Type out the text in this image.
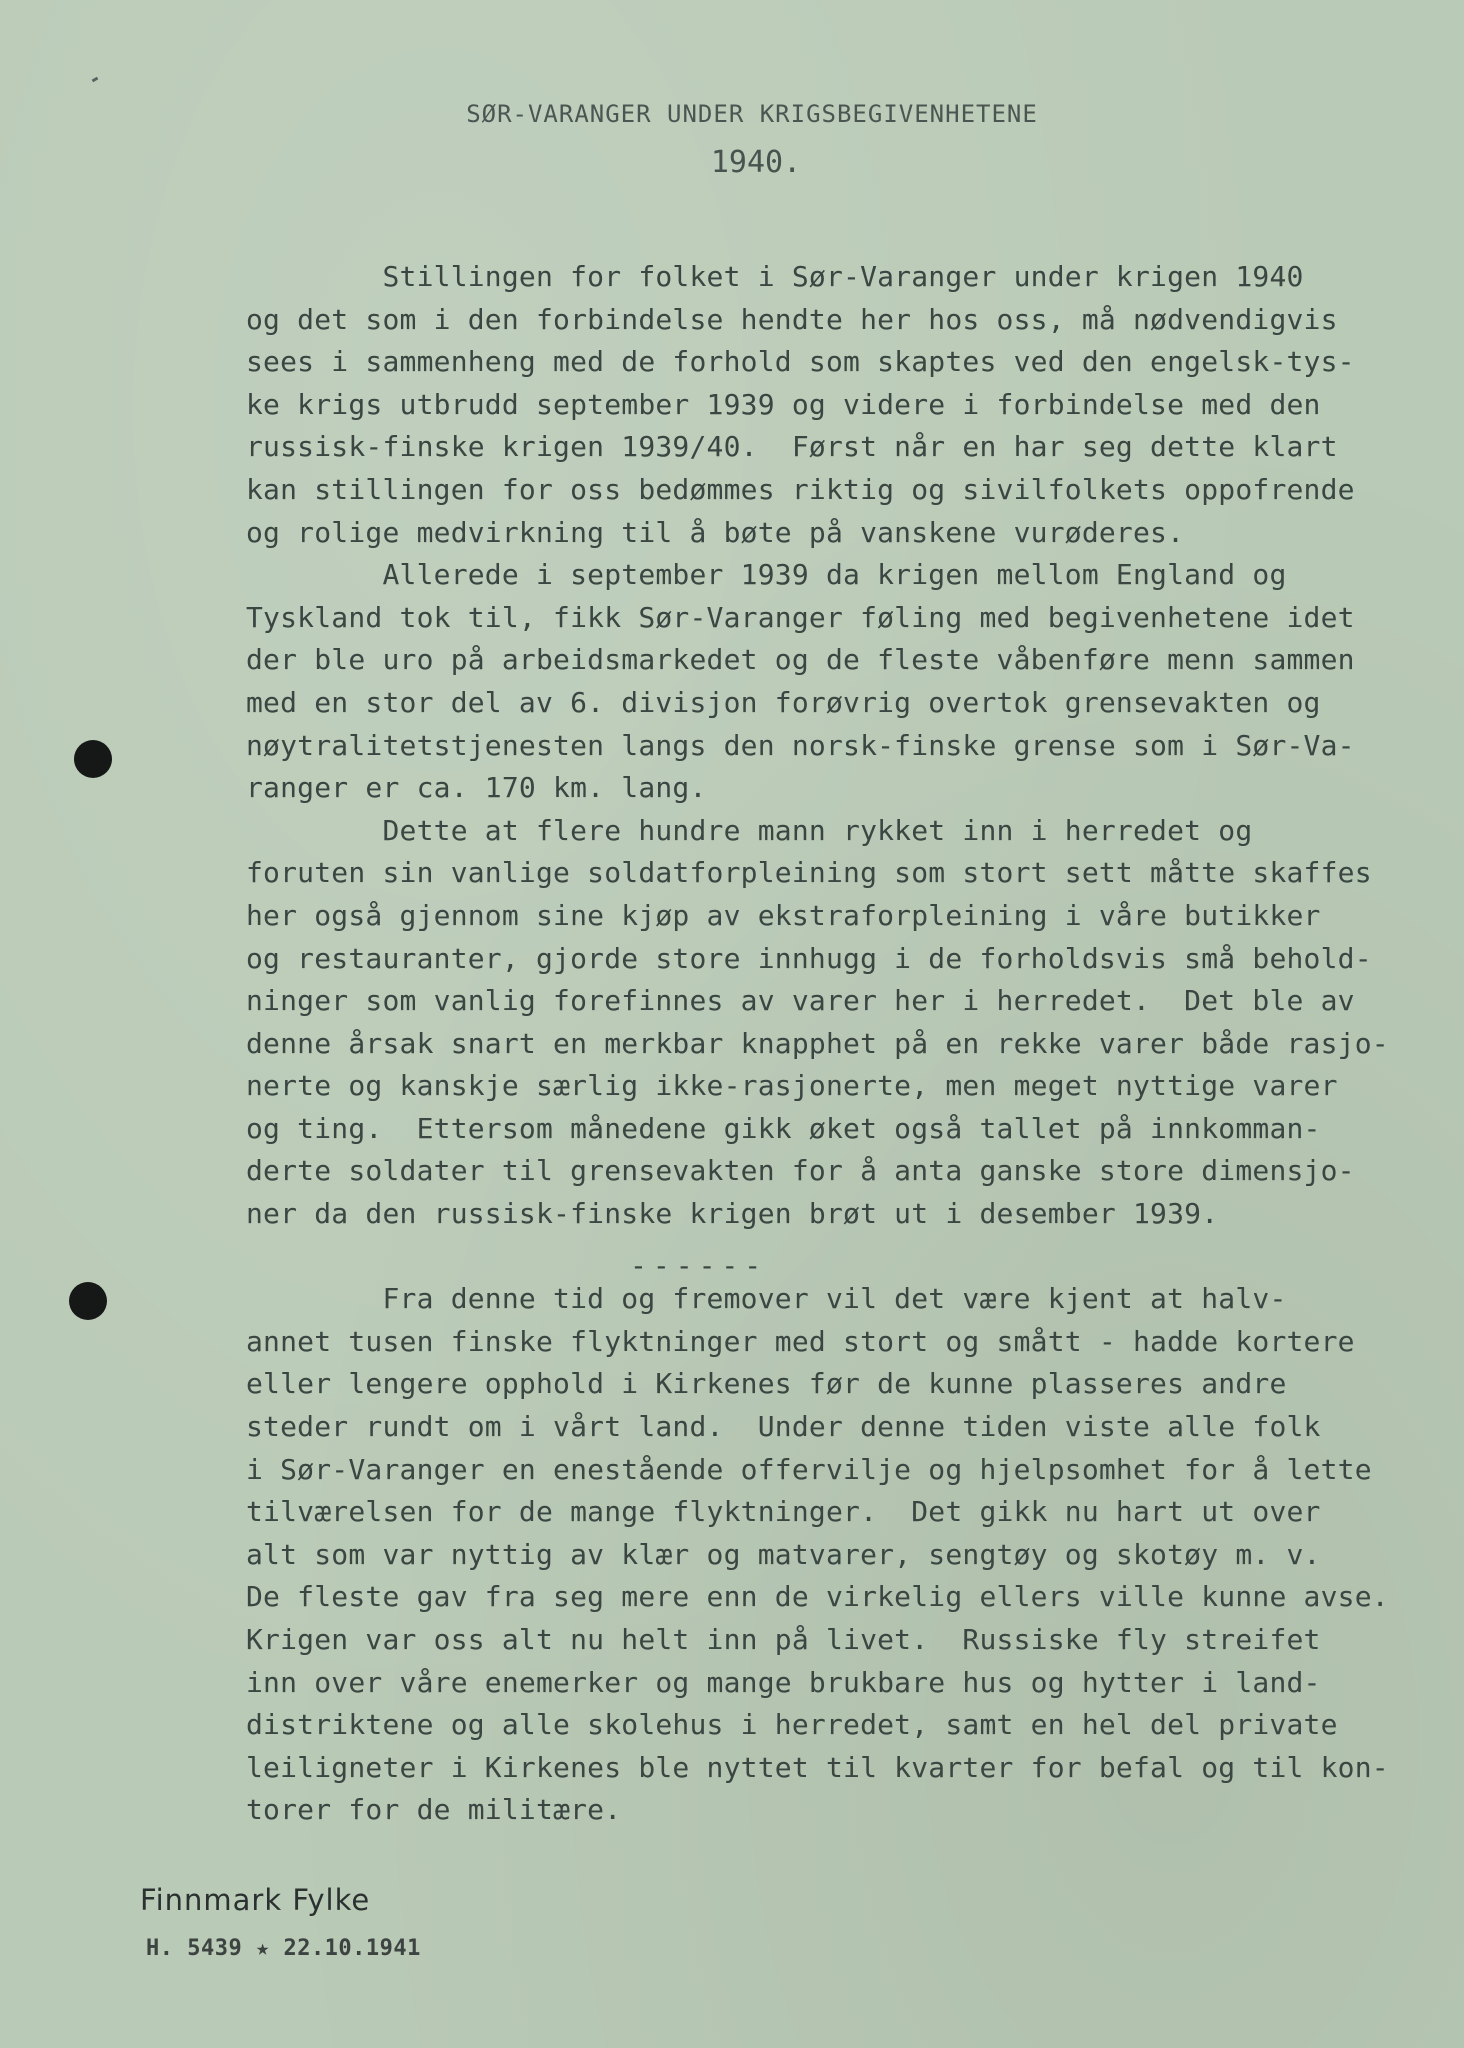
SØR-VARANGER UNDER KRIGSBEGIVENHETENE
1940.
Stillingen for folket i Sør-Varanger under krigen 1940
og det som i den forbindelse hendte her hos oss, må nødvendigvis
sees i sammenheng med de forhold som skaptes ved den engelsk-tys-
ke krigs utbrudd september 1939 og videre i forbindelse med den
russisk-finske krigen 1939/40.  Først når en har seg dette klart
kan stillingen for oss bedømmes riktig og sivilfolkets oppofrende
og rolige medvirkning til å bøte på vanskene vurøderes.
Allerede i september 1939 da krigen mellom England og
Tyskland tok til, fikk Sør-Varanger føling med begivenhetene idet
der ble uro på arbeidsmarkedet og de fleste våbenføre menn sammen
med en stor del av 6. divisjon forøvrig overtok grensevakten og
nøytralitetstjenesten langs den norsk-finske grense som i Sør-Va-
ranger er ca. 170 km. lang.
Dette at flere hundre mann rykket inn i herredet og
foruten sin vanlige soldatforpleining som stort sett måtte skaffes
her også gjennom sine kjøp av ekstraforpleining i våre butikker
og restauranter, gjorde store innhugg i de forholdsvis små behold-
ninger som vanlig forefinnes av varer her i herredet.  Det ble av
denne årsak snart en merkbar knapphet på en rekke varer både rasjo-
nerte og kanskje særlig ikke-rasjonerte, men meget nyttige varer
og ting.  Ettersom månedene gikk øket også tallet på innkomman-
derte soldater til grensevakten for å anta ganske store dimensjo-
ner da den russisk-finske krigen brøt ut i desember 1939.
Fra denne tid og fremover vil det være kjent at halv-
annet tusen finske flyktninger med stort og smått - hadde kortere
eller lengere opphold i Kirkenes før de kunne plasseres andre
steder rundt om i vårt land.  Under denne tiden viste alle folk
i Sør-Varanger en enestående offervilje og hjelpsomhet for å lette
tilværelsen for de mange flyktninger.  Det gikk nu hart ut over
alt som var nyttig av klær og matvarer, sengtøy og skotøy m. v.
De fleste gav fra seg mere enn de virkelig ellers ville kunne avse.
Krigen var oss alt nu helt inn på livet.  Russiske fly streifet
inn over våre enemerker og mange brukbare hus og hytter i land-
distriktene og alle skolehus i herredet, samt en hel del private
leiligneter i Kirkenes ble nyttet til kvarter for befal og til kon-
torer for de militære.
------
Finnmark Fylke
H. 5439 ★ 22.10.1941
